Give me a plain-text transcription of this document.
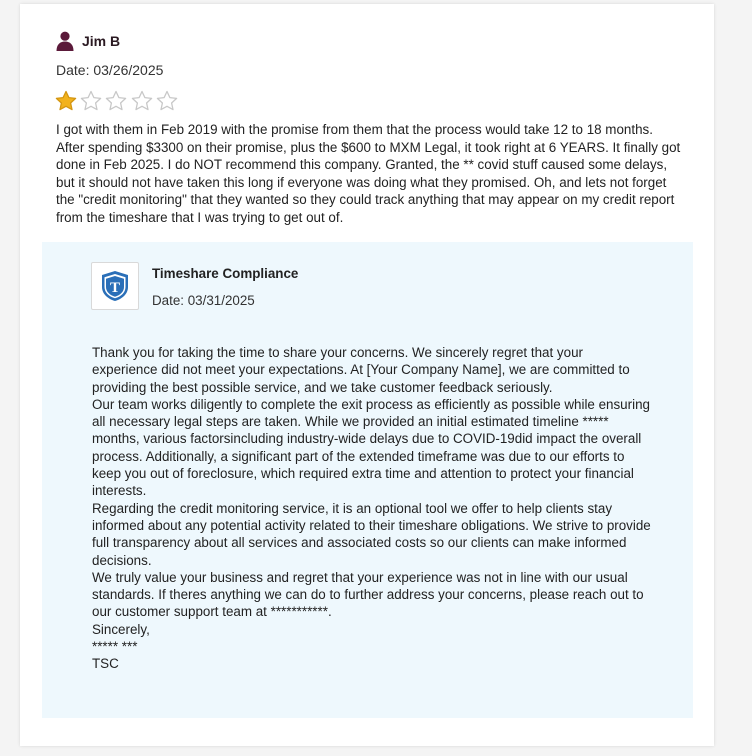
Jim B
Date: 03/26/2025

I got with them in Feb 2019 with the promise from them that the process would take 12 to 18 months. After spending $3300 on their promise, plus the $600 to MXM Legal, it took right at 6 YEARS. It finally got done in Feb 2025. I do NOT recommend this company. Granted, the ** covid stuff caused some delays, but it should not have taken this long if everyone was doing what they promised. Oh, and lets not forget the "credit monitoring" that they wanted so they could track anything that may appear on my credit report from the timeshare that I was trying to get out of.

T
Timeshare Compliance
Date: 03/31/2025

Thank you for taking the time to share your concerns. We sincerely regret that your experience did not meet your expectations. At [Your Company Name], we are committed to providing the best possible service, and we take customer feedback seriously.

Our team works diligently to complete the exit process as efficiently as possible while ensuring all necessary legal steps are taken. While we provided an initial estimated timeline ***** months, various factorsincluding industry-wide delays due to COVID-19did impact the overall process. Additionally, a significant part of the extended timeframe was due to our efforts to keep you out of foreclosure, which required extra time and attention to protect your financial interests.

Regarding the credit monitoring service, it is an optional tool we offer to help clients stay informed about any potential activity related to their timeshare obligations. We strive to provide full transparency about all services and associated costs so our clients can make informed decisions.

We truly value your business and regret that your experience was not in line with our usual standards. If theres anything we can do to further address your concerns, please reach out to our customer support team at ***********.

Sincerely,

***** ***

TSC
